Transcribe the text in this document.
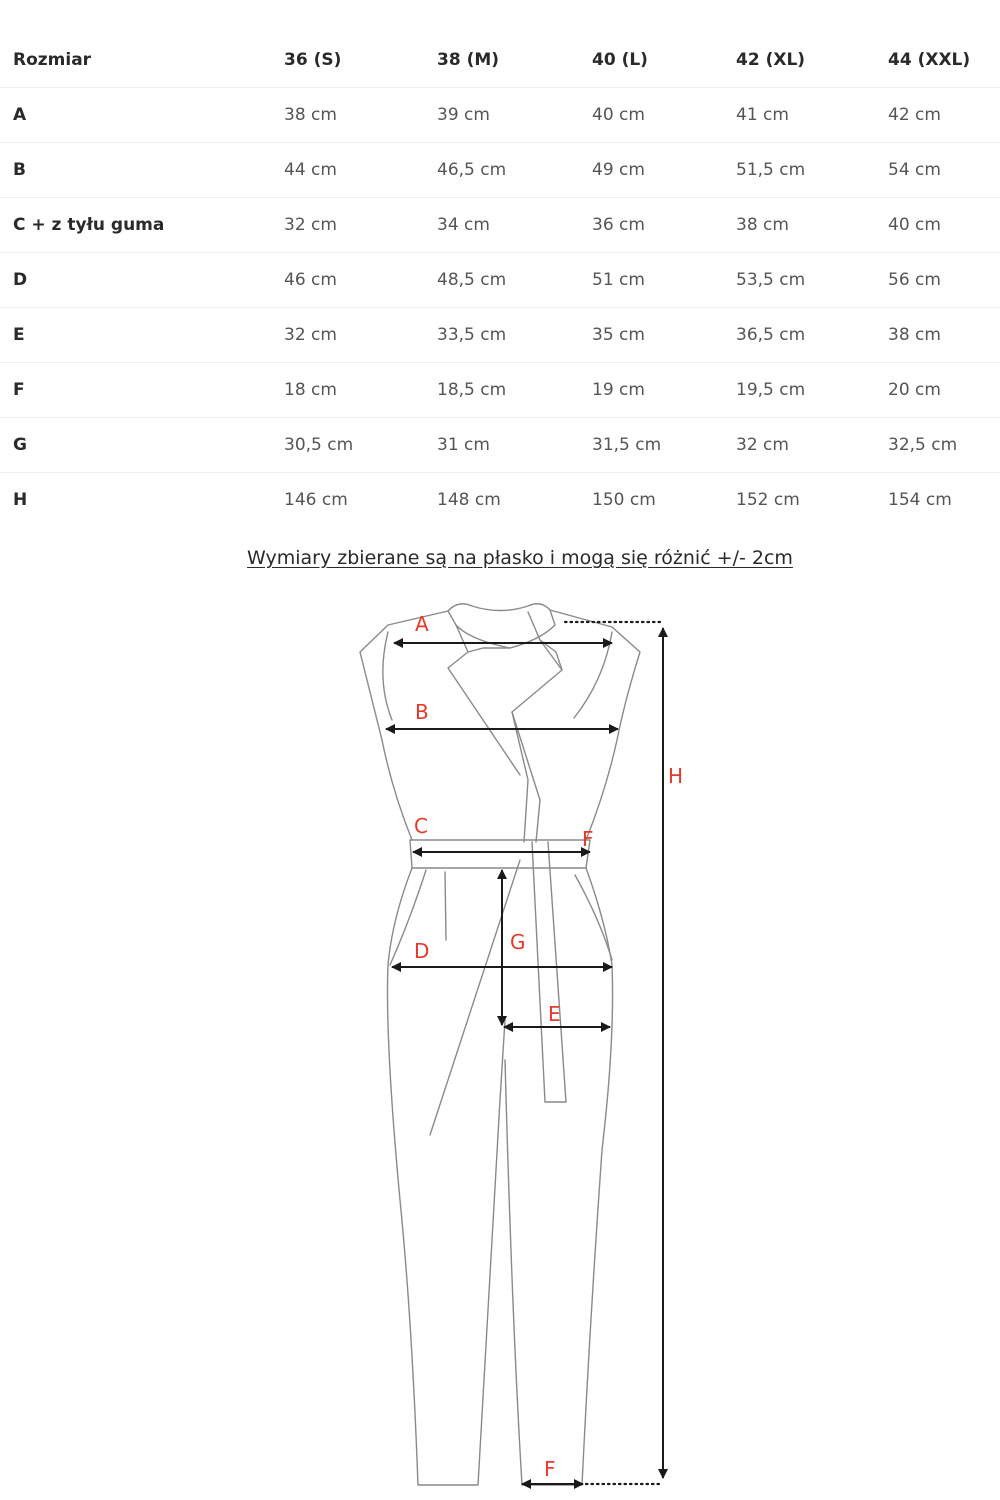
Rozmiar	36 (S)	38 (M)	40 (L)	42 (XL)	44 (XXL)
A	38 cm	39 cm	40 cm	41 cm	42 cm
B	44 cm	46,5 cm	49 cm	51,5 cm	54 cm
C + z tyłu guma	32 cm	34 cm	36 cm	38 cm	40 cm
D	46 cm	48,5 cm	51 cm	53,5 cm	56 cm
E	32 cm	33,5 cm	35 cm	36,5 cm	38 cm
F	18 cm	18,5 cm	19 cm	19,5 cm	20 cm
G	30,5 cm	31 cm	31,5 cm	32 cm	32,5 cm
H	146 cm	148 cm	150 cm	152 cm	154 cm
Wymiary zbierane są na płasko i mogą się różnić +/- 2cm
A
B
C
F
D	G
E
H
F
